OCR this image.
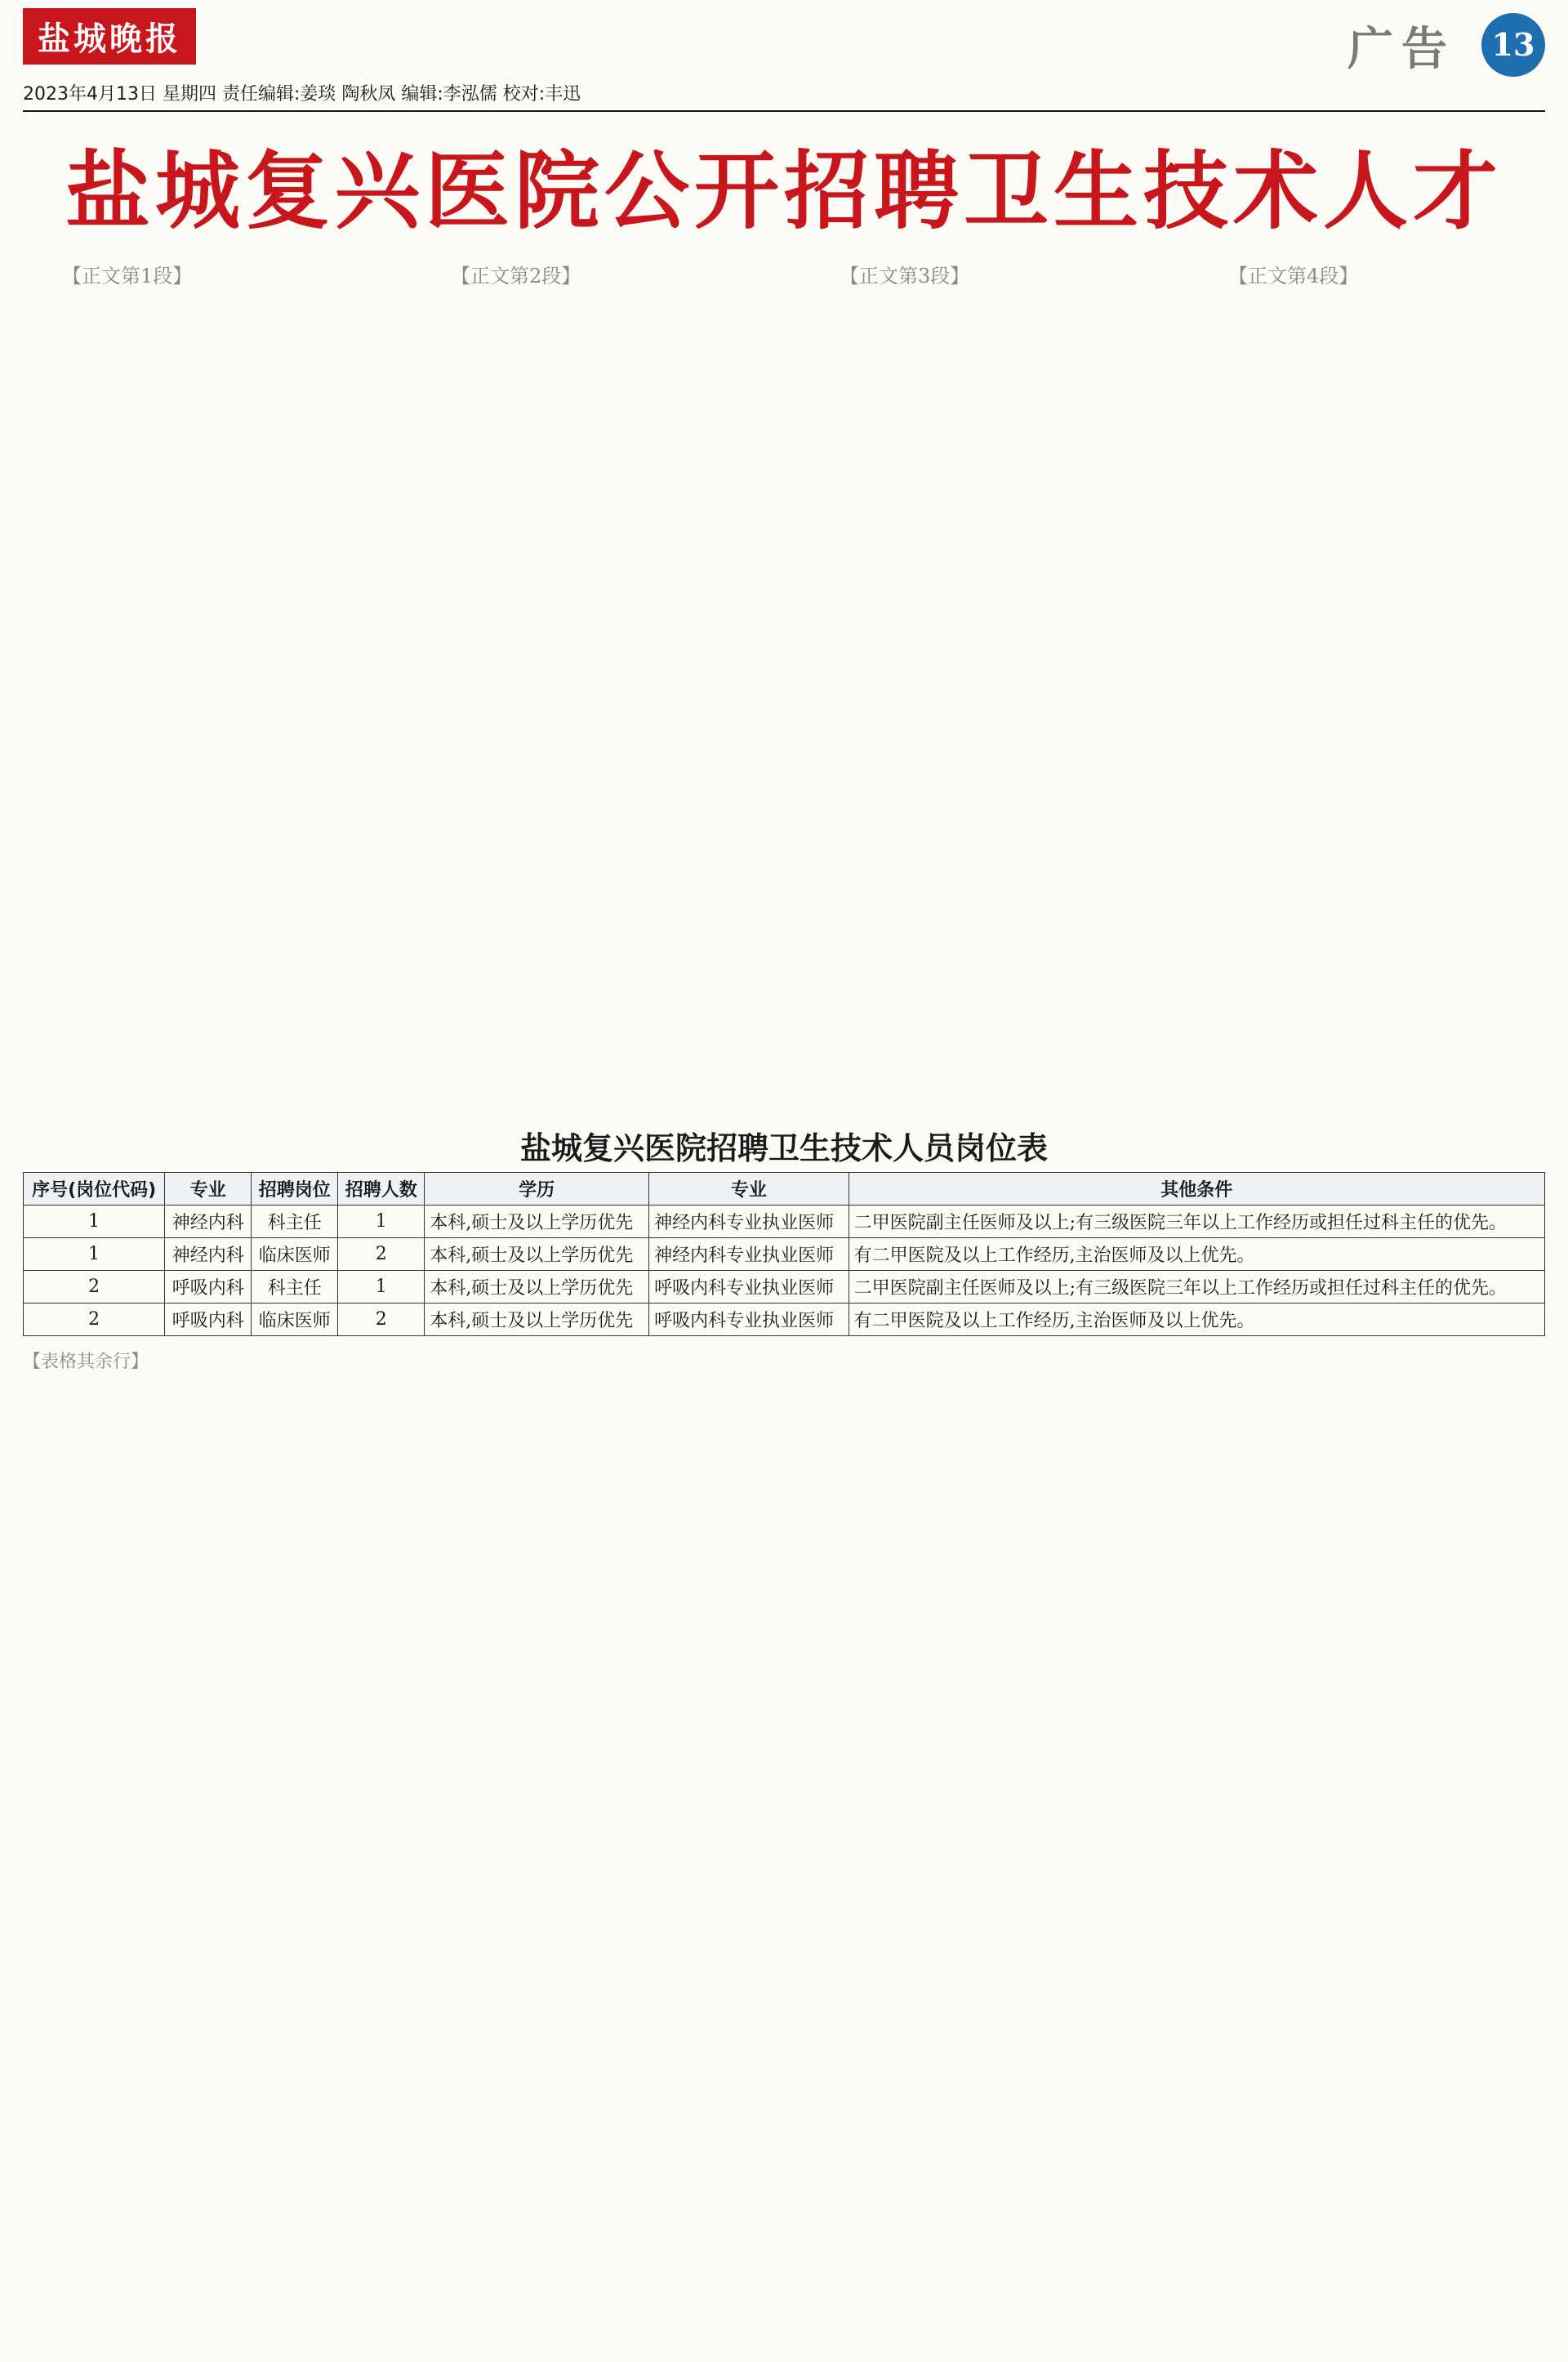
盐城晚报	广告	13
2023年4月13日 星期四 责任编辑:姜琰 陶秋凤 编辑:李泓儒 校对:丰迅
盐城复兴医院公开招聘卫生技术人才

【正文第1段】	【正文第2段】	【正文第3段】	【正文第4段】

盐城复兴医院招聘卫生技术人员岗位表
序号(岗位代码)	专业	招聘岗位	招聘人数	学历	专业	其他条件
1	神经内科	科主任	1	本科,硕士及以上学历优先	神经内科专业执业医师	二甲医院副主任医师及以上;有三级医院三年以上工作经历或担任过科主任的优先。
1	神经内科	临床医师	2	本科,硕士及以上学历优先	神经内科专业执业医师	有二甲医院及以上工作经历,主治医师及以上优先。
2	呼吸内科	科主任	1	本科,硕士及以上学历优先	呼吸内科专业执业医师	二甲医院副主任医师及以上;有三级医院三年以上工作经历或担任过科主任的优先。
2	呼吸内科	临床医师	2	本科,硕士及以上学历优先	呼吸内科专业执业医师	有二甲医院及以上工作经历,主治医师及以上优先。
【表格其余行】
